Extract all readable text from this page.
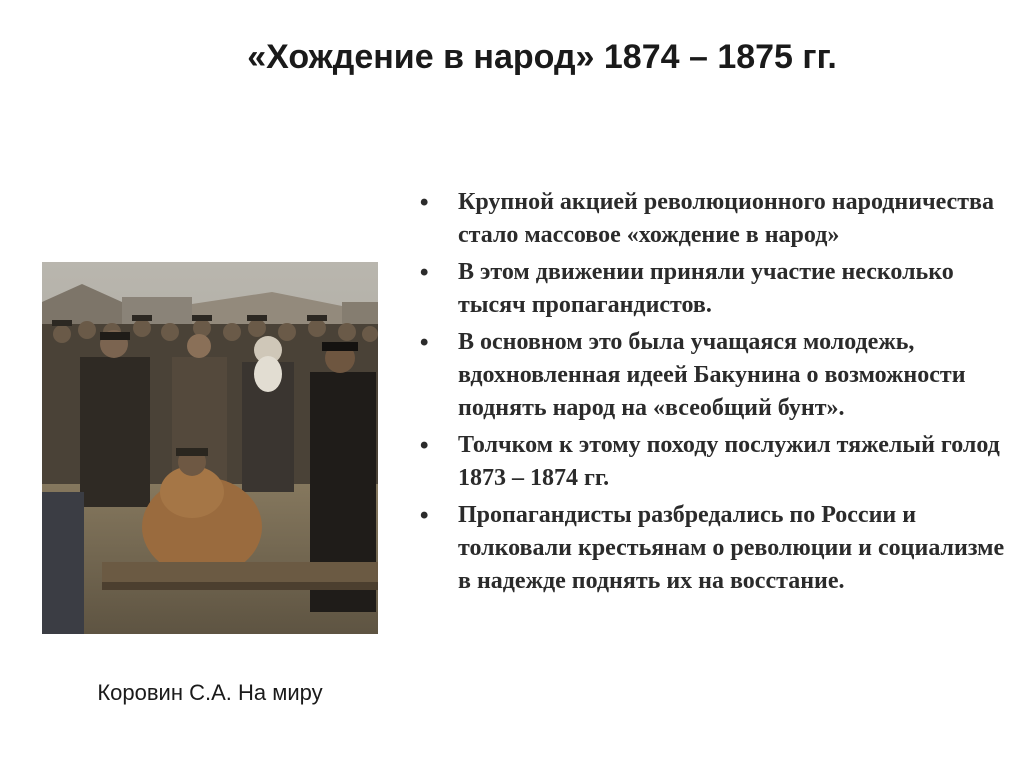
«Хождение в народ» 1874 – 1875 гг.
Коровин С.А. На миру
• Крупной акцией революционного народничества стало массовое «хождение в народ»
• В этом движении приняли участие несколько тысяч пропагандистов.
• В основном это была учащаяся молодежь, вдохновленная идеей Бакунина о возможности поднять народ на «всеобщий бунт».
• Толчком к этому походу послужил тяжелый голод 1873 – 1874 гг.
• Пропагандисты разбредались по России и толковали крестьянам о революции и социализме в надежде поднять их на восстание.
